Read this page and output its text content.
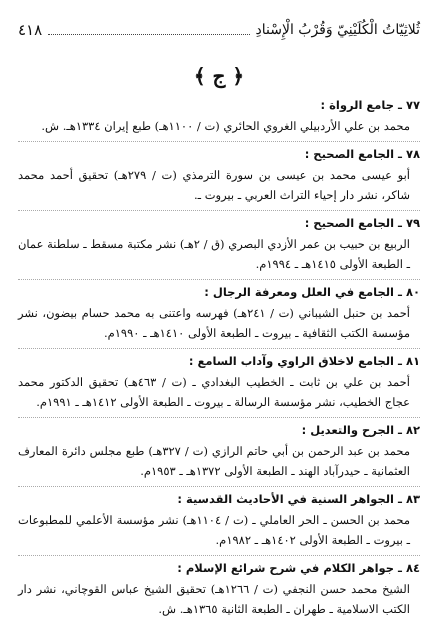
٤١٨	ثُلاثِيّاتُ الْكُلَيْنِيّ وَقُرْبُ الْإِسْنادِ
﴿ ج ﴾

٧٧ ـ جامع الرواة :

محمد بن علي الأردبيلي الغروي الحائري (ت / ١١٠٠هـ) طبع إيران ١٣٣٤هـ. ش.

٧٨ ـ الجامع الصحيح :

أبو عيسى محمد بن عيسى بن سورة الترمذي (ت / ٢٧٩هـ) تحقيق أحمد محمد شاكر، نشر دار إحياء التراث العربي ـ بيروت ـ.

٧٩ ـ الجامع الصحيح :

الربيع بن حبيب بن عمر الأزدي البصري (ق / ٢هـ) نشر مكتبة مسقط ـ سلطنة عمان ـ الطبعة الأولى ١٤١٥هـ ـ ١٩٩٤م.

٨٠ ـ الجامع في العلل ومعرفة الرجال :

أحمد بن حنبل الشيباني (ت / ٢٤١هـ) فهرسه واعتنى به محمد حسام بيضون، نشر مؤسسة الكتب الثقافية ـ بيروت ـ الطبعة الأولى ١٤١٠هـ ـ ١٩٩٠م.

٨١ ـ الجامع لاخلاق الراوي وآداب السامع :

أحمد بن علي بن ثابت ـ الخطيب البغدادي ـ (ت / ٤٦٣هـ) تحقيق الدكتور محمد عجاج الخطيب، نشر مؤسسة الرسالة ـ بيروت ـ الطبعة الأولى ١٤١٢هـ ـ ١٩٩١م.

٨٢ ـ الجرح والتعديل :

محمد بن عبد الرحمن بن أبي حاتم الرازي (ت / ٣٢٧هـ) طبع مجلس دائرة المعارف العثمانية ـ حيدرآباد الهند ـ الطبعة الأولى ١٣٧٢هـ ـ ١٩٥٣م.

٨٣ ـ الجواهر السنية في الأحاديث القدسية :

محمد بن الحسن ـ الحر العاملي ـ (ت / ١١٠٤هـ) نشر مؤسسة الأعلمي للمطبوعات ـ بيروت ـ الطبعة الأولى ١٤٠٢هـ ـ ١٩٨٢م.

٨٤ ـ جواهر الكلام في شرح شرائع الإسلام :

الشيخ محمد حسن النجفي (ت / ١٢٦٦هـ) تحقيق الشيخ عباس القوچاني، نشر دار الكتب الاسلامية ـ طهران ـ الطبعة الثانية ١٣٦٥هـ. ش.
